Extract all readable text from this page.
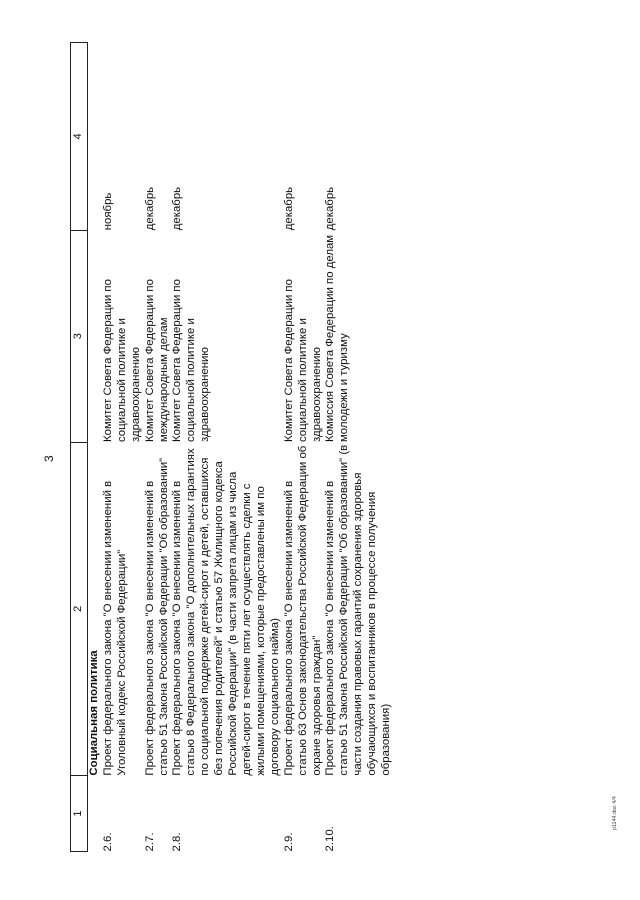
3
1	2	3	4
	Социальная политика		
2.6.	Проект федерального закона "О внесении изменений в Уголовный кодекс Российской Федерации"	Комитет Совета Федерации по социальной политике и здравоохранению	ноябрь
2.7.	Проект федерального закона "О внесении изменений в статью 51 Закона Российской Федерации "Об образовании"	Комитет Совета Федерации по международным делам	декабрь
2.8.	Проект федерального закона "О внесении изменений в статью 8 Федерального закона "О дополнительных гарантиях по социальной поддержке детей-сирот и детей, оставшихся без попечения родителей" и статью 57 Жилищного кодекса Российской Федерации" (в части запрета лицам из числа детей-сирот в течение пяти лет осуществлять сделки с жилыми помещениями, которые предоставлены им по договору социального найма)	Комитет Совета Федерации по социальной политике и здравоохранению	декабрь
2.9.	Проект федерального закона "О внесении изменений в статью 63 Основ законодательства Российской Федерации об охране здоровья граждан"	Комитет Совета Федерации по социальной политике и здравоохранению	декабрь
2.10.	Проект федерального закона "О внесении изменений в статью 51 Закона Российской Федерации "Об образовании" (в части создания правовых гарантий сохранения здоровья обучающихся и воспитанников в процессе получения образования)	Комиссия Совета Федерации по делам молодежи и туризму	декабрь
p1144.doc 4/4
